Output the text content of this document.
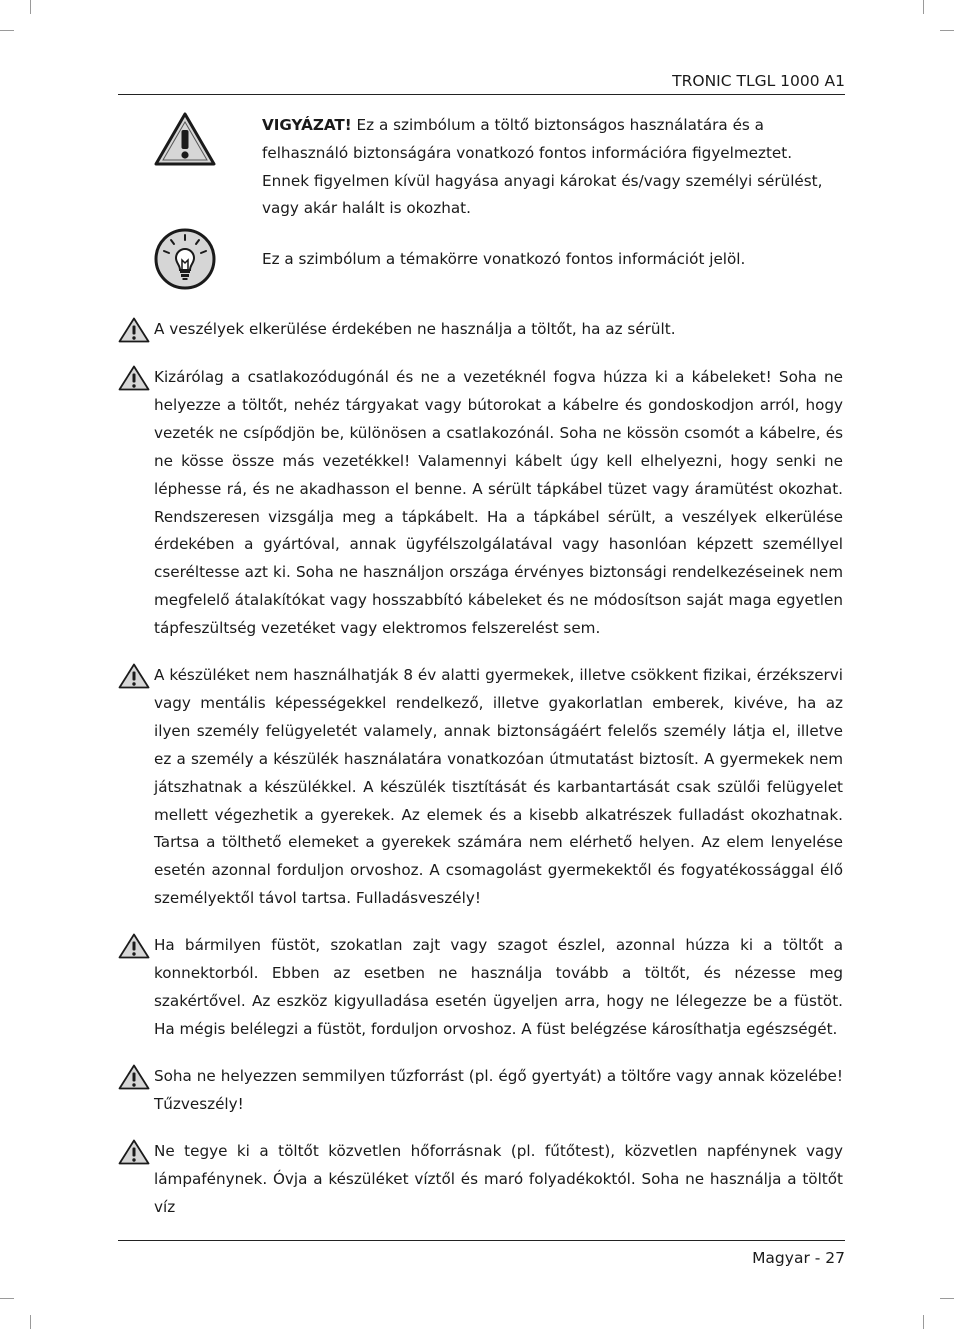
TRONIC TLGL 1000 A1
VIGYÁZAT! Ez a szimbólum a töltő biztonságos használatára és a felhasználó biztonságára vonatkozó fontos információra figyelmeztet. Ennek figyelmen kívül hagyása anyagi károkat és/vagy személyi sérülést, vagy akár halált is okozhat.
Ez a szimbólum a témakörre vonatkozó fontos információt jelöl.

A veszélyek elkerülése érdekében ne használja a töltőt, ha az sérült.

Kizárólag a csatlakozódugónál és ne a vezetéknél fogva húzza ki a kábeleket! Soha ne helyezze a töltőt, nehéz tárgyakat vagy bútorokat a kábelre és gondoskodjon arról, hogy vezeték ne csípődjön be, különösen a csatlakozónál. Soha ne kössön csomót a kábelre, és ne kösse össze más vezetékkel! Valamennyi kábelt úgy kell elhelyezni, hogy senki ne léphesse rá, és ne akadhasson el benne. A sérült tápkábel tüzet vagy áramütést okozhat. Rendszeresen vizsgálja meg a tápkábelt. Ha a tápkábel sérült, a veszélyek elkerülése érdekében a gyártóval, annak ügyfélszolgálatával vagy hasonlóan képzett személlyel cseréltesse azt ki. Soha ne használjon országa érvényes biztonsági rendelkezéseinek nem megfelelő átalakítókat vagy hosszabbító kábeleket és ne módosítson saját maga egyetlen tápfeszültség vezetéket vagy elektromos felszerelést sem.

A készüléket nem használhatják 8 év alatti gyermekek, illetve csökkent fizikai, érzékszervi vagy mentális képességekkel rendelkező, illetve gyakorlatlan emberek, kivéve, ha az ilyen személy felügyeletét valamely, annak biztonságáért felelős személy látja el, illetve ez a személy a készülék használatára vonatkozóan útmutatást biztosít. A gyermekek nem játszhatnak a készülékkel. A készülék tisztítását és karbantartását csak szülői felügyelet mellett végezhetik a gyerekek. Az elemek és a kisebb alkatrészek fulladást okozhatnak. Tartsa a tölthető elemeket a gyerekek számára nem elérhető helyen. Az elem lenyelése esetén azonnal forduljon orvoshoz. A csomagolást gyermekektől és fogyatékossággal élő személyektől távol tartsa. Fulladásveszély!

Ha bármilyen füstöt, szokatlan zajt vagy szagot észlel, azonnal húzza ki a töltőt a konnektorból. Ebben az esetben ne használja tovább a töltőt, és nézesse meg szakértővel. Az eszköz kigyulladása esetén ügyeljen arra, hogy ne lélegezze be a füstöt. Ha mégis belélegzi a füstöt, forduljon orvoshoz. A füst belégzése károsíthatja egészségét.

Soha ne helyezzen semmilyen tűzforrást (pl. égő gyertyát) a töltőre vagy annak közelébe! Tűzveszély!

Ne tegye ki a töltőt közvetlen hőforrásnak (pl. fűtőtest), közvetlen napfénynek vagy lámpafénynek. Óvja a készüléket víztől és maró folyadékoktól. Soha ne használja a töltőt víz

Magyar - 27
